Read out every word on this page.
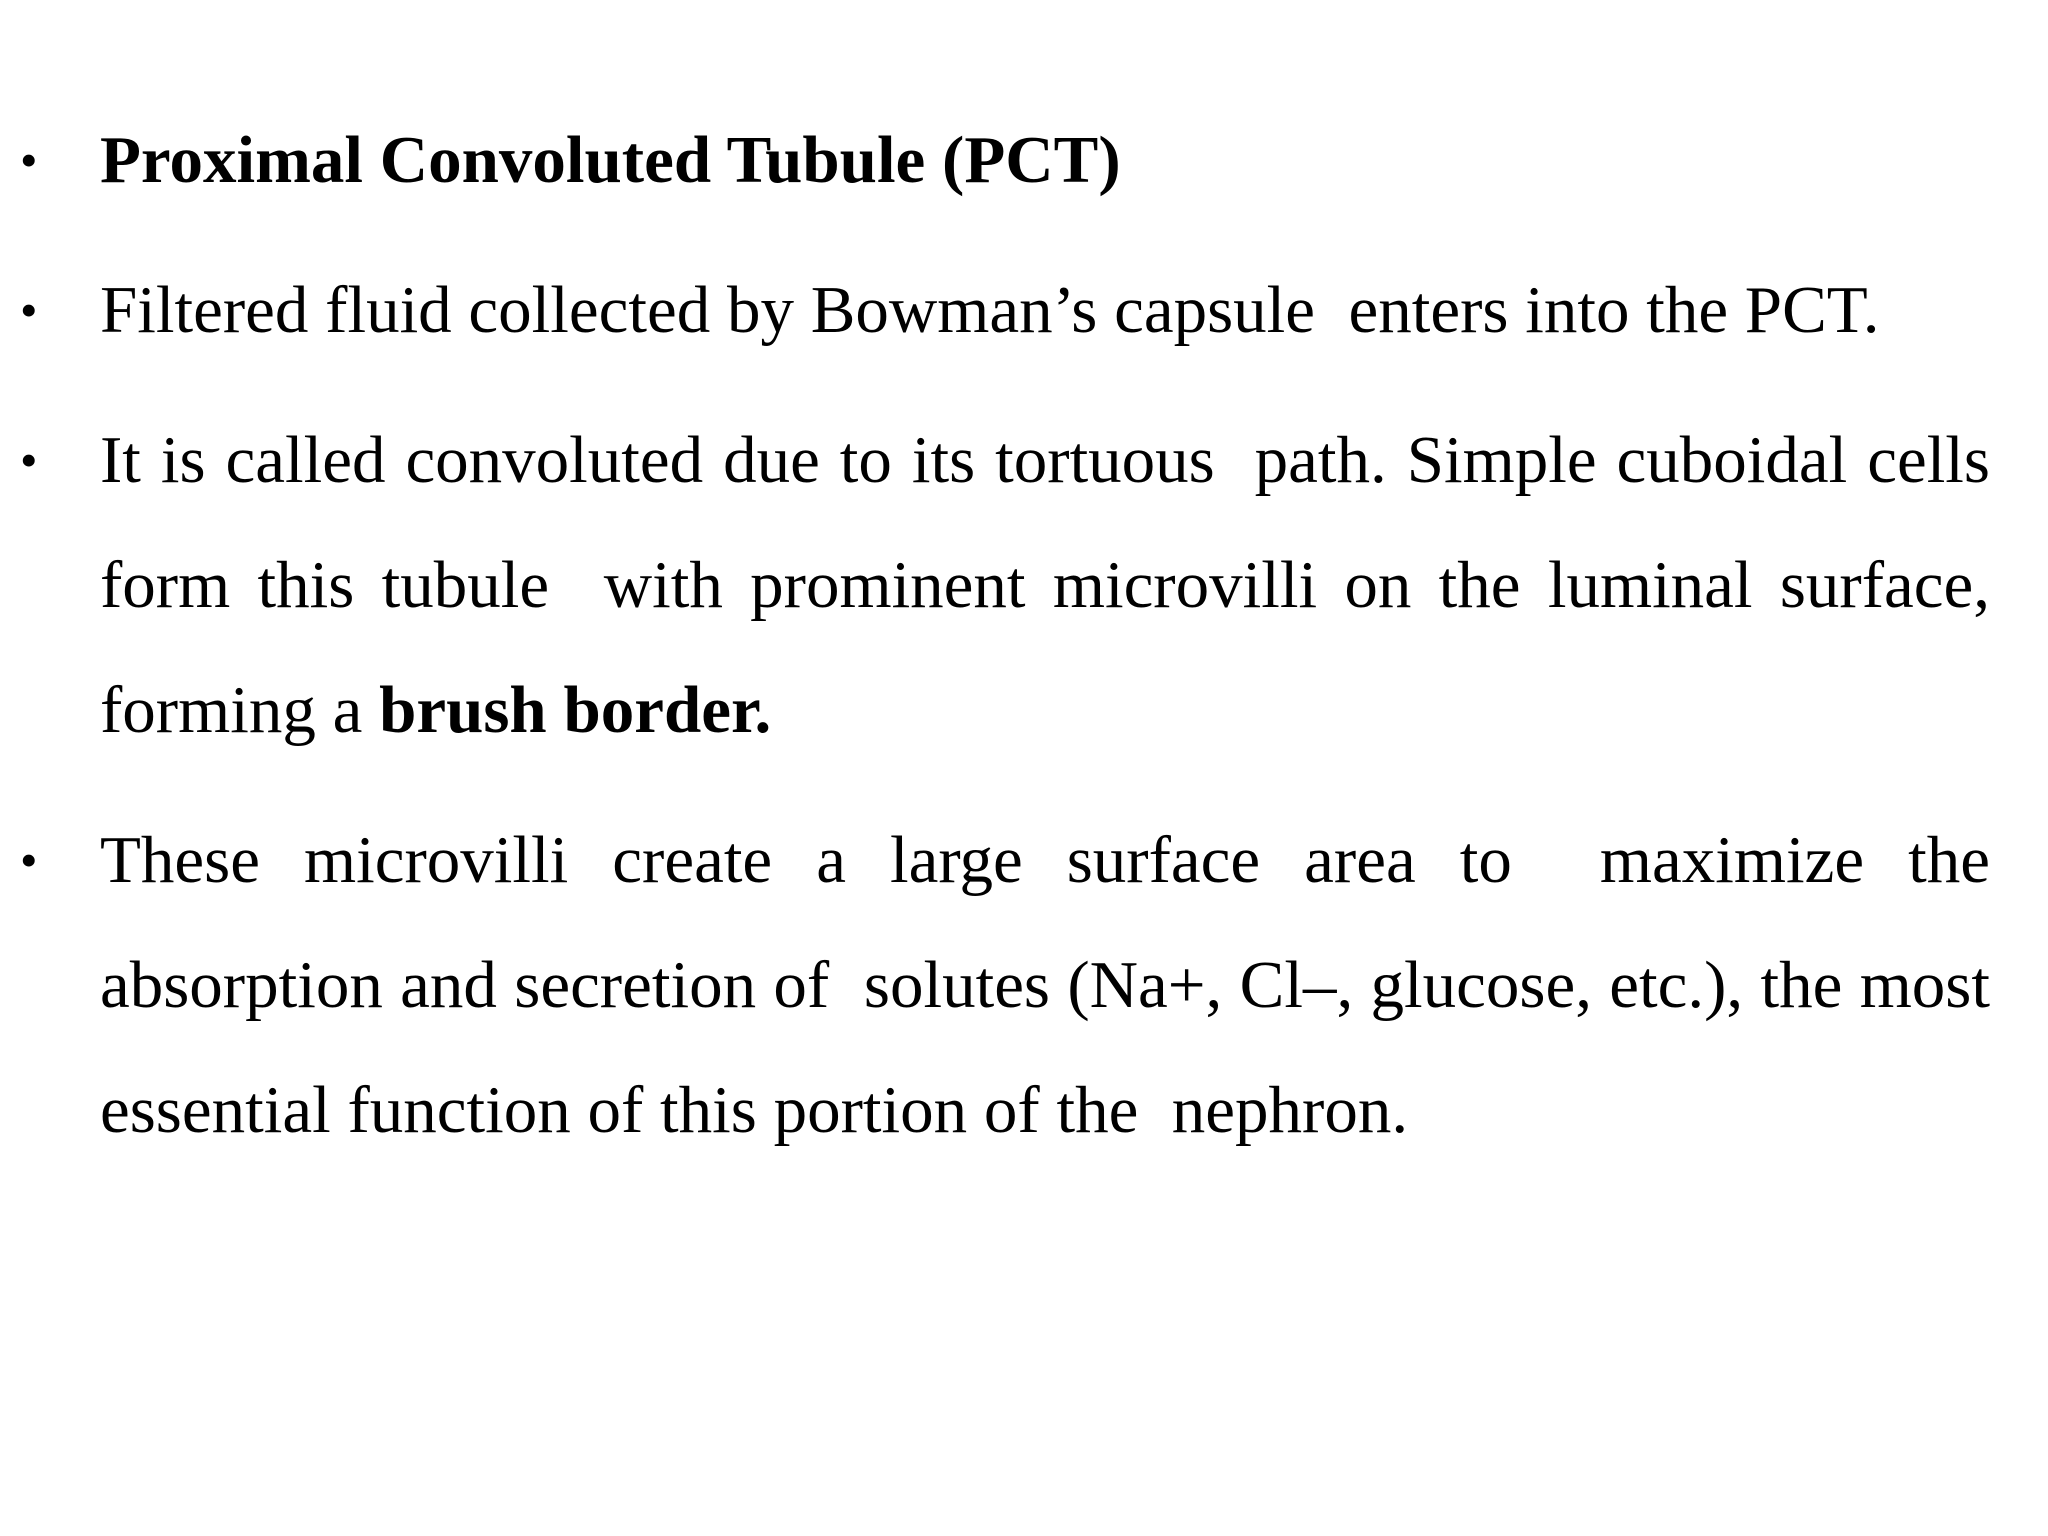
• Proximal Convoluted Tubule (PCT)
• Filtered fluid collected by Bowman’s capsule  enters into the PCT.
• It is called convoluted due to its tortuous  path. Simple cuboidal cells form this tubule  with prominent microvilli on the luminal surface, forming a brush border.
• These microvilli create a large surface area to  maximize the absorption and secretion of  solutes (Na+, Cl–, glucose, etc.), the most  essential function of this portion of the  nephron.
